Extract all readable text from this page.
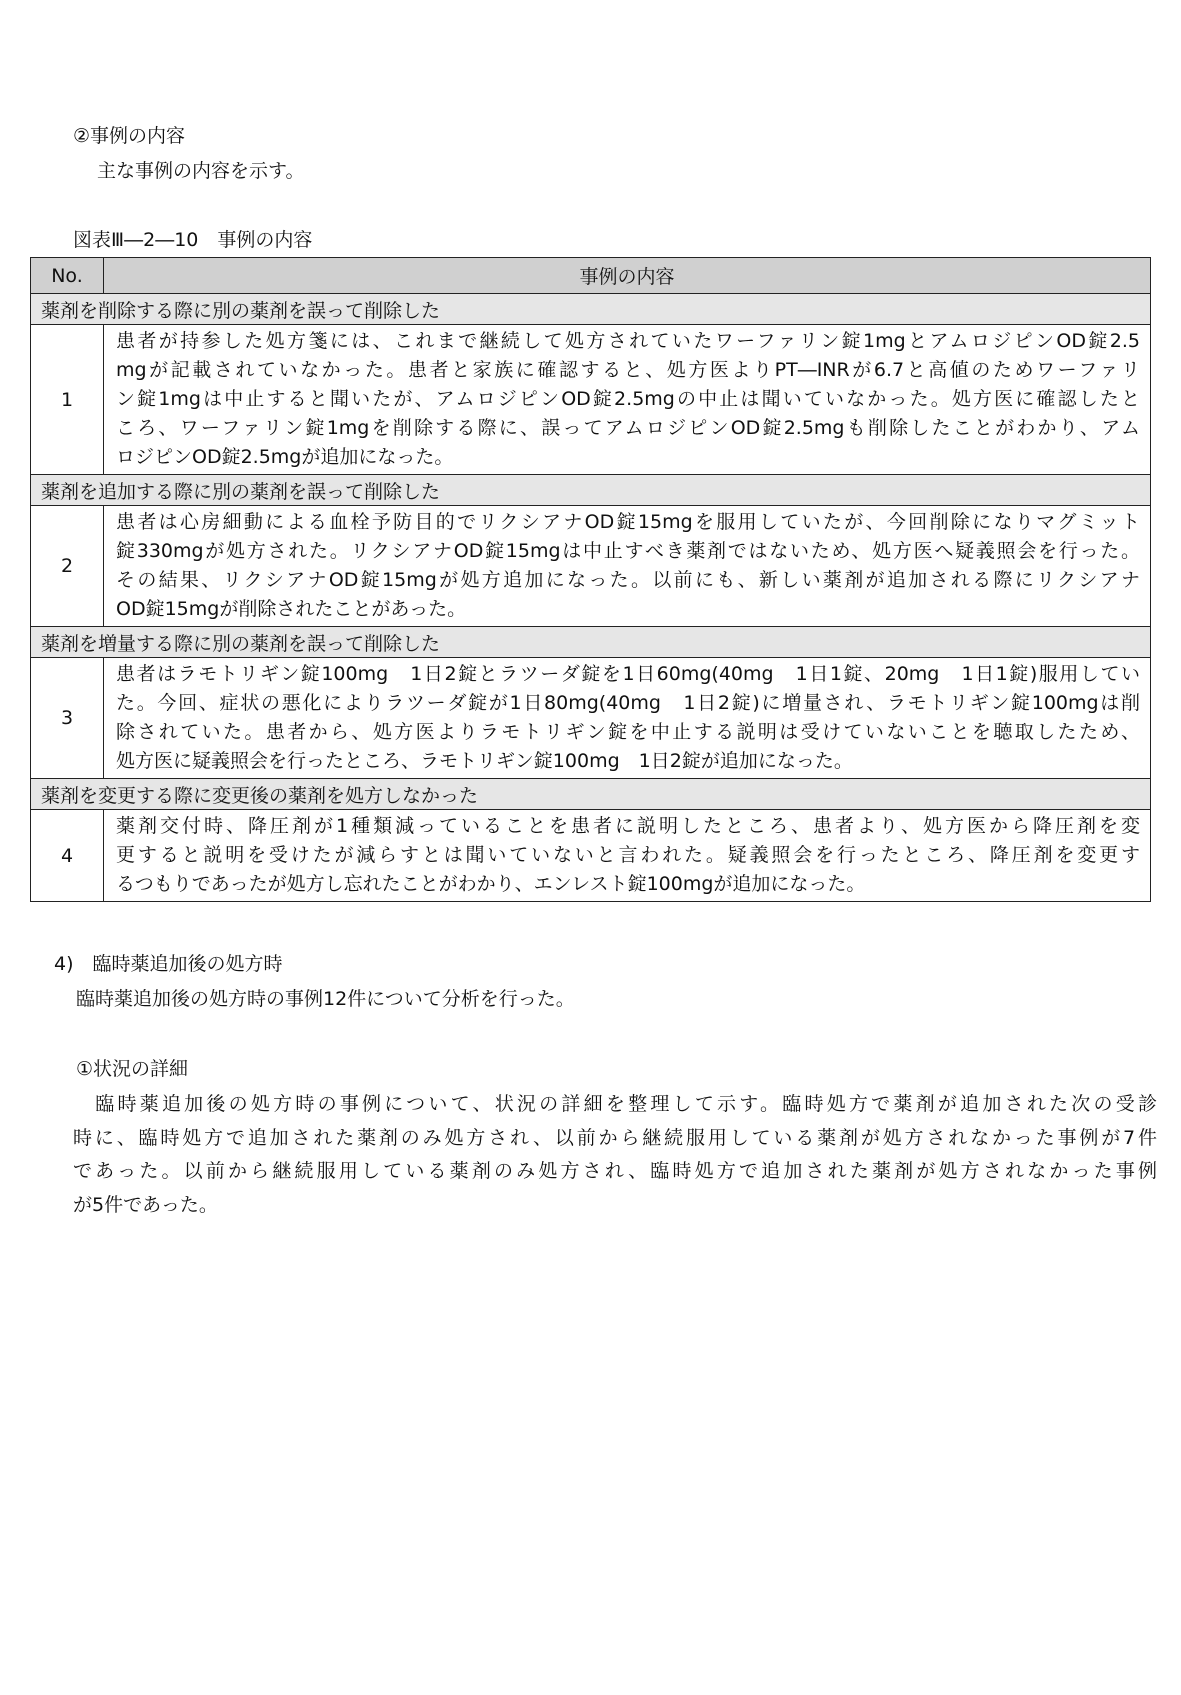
②事例の内容
主な事例の内容を示す。
図表Ⅲ―2―10　事例の内容
No.	事例の内容
薬剤を削除する際に別の薬剤を誤って削除した	
1	患者が持参した処方箋には、これまで継続して処方されていたワーファリン錠1mgとアムロジピンOD錠2.5
mgが記載されていなかった。患者と家族に確認すると、処方医よりPT―INRが6.7と高値のためワーファリ
ン錠1mgは中止すると聞いたが、アムロジピンOD錠2.5mgの中止は聞いていなかった。処方医に確認したと
ころ、ワーファリン錠1mgを削除する際に、誤ってアムロジピンOD錠2.5mgも削除したことがわかり、アム
ロジピンOD錠2.5mgが追加になった。

薬剤を追加する際に別の薬剤を誤って削除した	
2	患者は心房細動による血栓予防目的でリクシアナOD錠15mgを服用していたが、今回削除になりマグミット
錠330mgが処方された。リクシアナOD錠15mgは中止すべき薬剤ではないため、処方医へ疑義照会を行った。
その結果、リクシアナOD錠15mgが処方追加になった。以前にも、新しい薬剤が追加される際にリクシアナ
OD錠15mgが削除されたことがあった。

薬剤を増量する際に別の薬剤を誤って削除した	
3	患者はラモトリギン錠100mg　1日2錠とラツーダ錠を1日60mg(40mg　1日1錠、20mg　1日1錠)服用してい
た。今回、症状の悪化によりラツーダ錠が1日80mg(40mg　1日2錠)に増量され、ラモトリギン錠100mgは削
除されていた。患者から、処方医よりラモトリギン錠を中止する説明は受けていないことを聴取したため、
処方医に疑義照会を行ったところ、ラモトリギン錠100mg　1日2錠が追加になった。

薬剤を変更する際に変更後の薬剤を処方しなかった	
4	薬剤交付時、降圧剤が1種類減っていることを患者に説明したところ、患者より、処方医から降圧剤を変
更すると説明を受けたが減らすとは聞いていないと言われた。疑義照会を行ったところ、降圧剤を変更す
るつもりであったが処方し忘れたことがわかり、エンレスト錠100mgが追加になった。
4)　臨時薬追加後の処方時
臨時薬追加後の処方時の事例12件について分析を行った。
①状況の詳細
　臨時薬追加後の処方時の事例について、状況の詳細を整理して示す。臨時処方で薬剤が追加された次の受診
時に、臨時処方で追加された薬剤のみ処方され、以前から継続服用している薬剤が処方されなかった事例が7件
であった。以前から継続服用している薬剤のみ処方され、臨時処方で追加された薬剤が処方されなかった事例
が5件であった。
